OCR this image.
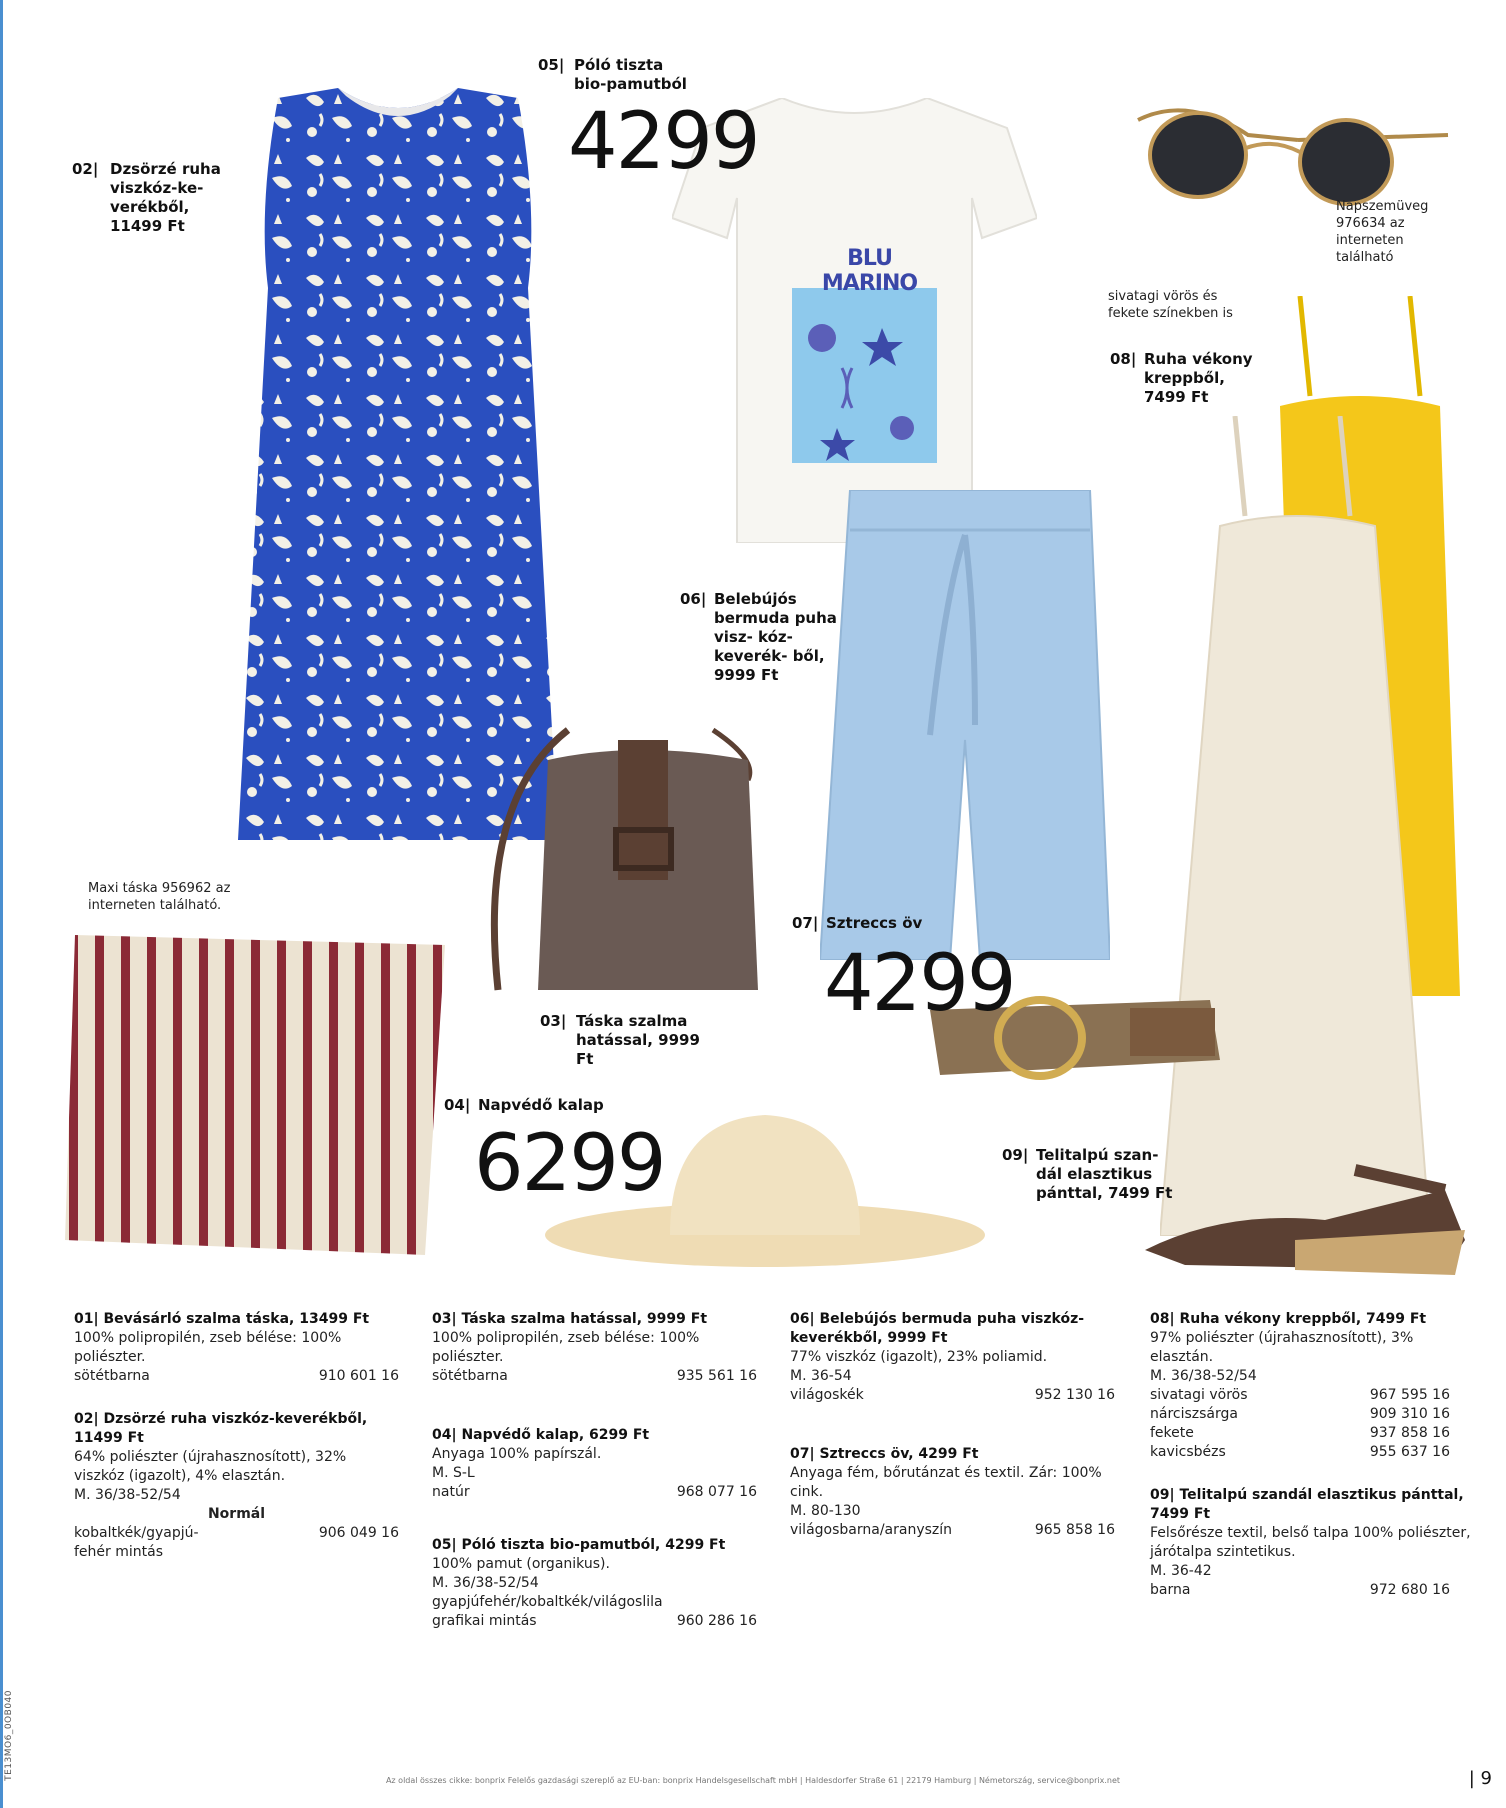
TE13MO6_0OB040
BLU MARINO
02| Dzsörzé ruha viszkóz-ke- verékből, 11499 Ft
05| Póló tiszta bio-pamutból
4299
Napszemüveg 976634 az interneten található
sivatagi vörös és fekete színekben is
08| Ruha vékony kreppből, 7499 Ft
06| Belebújós bermuda puha visz- kóz-keverék- ből, 9999 Ft
Maxi táska 956962 az interneten található.
07| Sztreccs öv
4299
03| Táska szalma hatással, 9999 Ft
04| Napvédő kalap
6299	09| Telitalpú szan- dál elasztikus pánttal, 7499 Ft
01| Bevásárló szalma táska, 13499 Ft
100% polipropilén, zseb bélése: 100% poliészter.
sötétbarna	910 601 16
02| Dzsörzé ruha viszkóz-keverékből, 11499 Ft
64% poliészter (újrahasznosított), 32% viszkóz (igazolt), 4% elasztán.
M. 36/38-52/54
Normál
kobaltkék/gyapjú-fehér mintás
906 049 16
03| Táska szalma hatással, 9999 Ft
100% polipropilén, zseb bélése: 100% poliészter.
sötétbarna	935 561 16
04| Napvédő kalap, 6299 Ft
Anyaga 100% papírszál.
M. S-L
natúr	968 077 16
05| Póló tiszta bio-pamutból, 4299 Ft
100% pamut (organikus).
M. 36/38-52/54
gyapjúfehér/kobaltkék/világoslila grafikai mintás	960 286 16
06| Belebújós bermuda puha viszkóz-keverékből, 9999 Ft
77% viszkóz (igazolt), 23% poliamid.
M. 36-54
világoskék	952 130 16
07| Sztreccs öv, 4299 Ft
Anyaga fém, bőrutánzat és textil. Zár: 100% cink.
M. 80-130
világosbarna/aranyszín	965 858 16
08| Ruha vékony kreppből, 7499 Ft
97% poliészter (újrahasznosított), 3% elasztán.
M. 36/38-52/54
sivatagi vörös	967 595 16
nárciszsárga	909 310 16
fekete	937 858 16
kavicsbézs	955 637 16
09| Telitalpú szandál elasztikus pánttal, 7499 Ft
Felsőrésze textil, belső talpa 100% poliészter, járótalpa szintetikus.
M. 36-42
barna	972 680 16
Az oldal összes cikke: bonprix Felelős gazdasági szereplő az EU-ban: bonprix Handelsgesellschaft mbH | Haldesdorfer Straße 61 | 22179 Hamburg | Németország, service@bonprix.net	| 9
